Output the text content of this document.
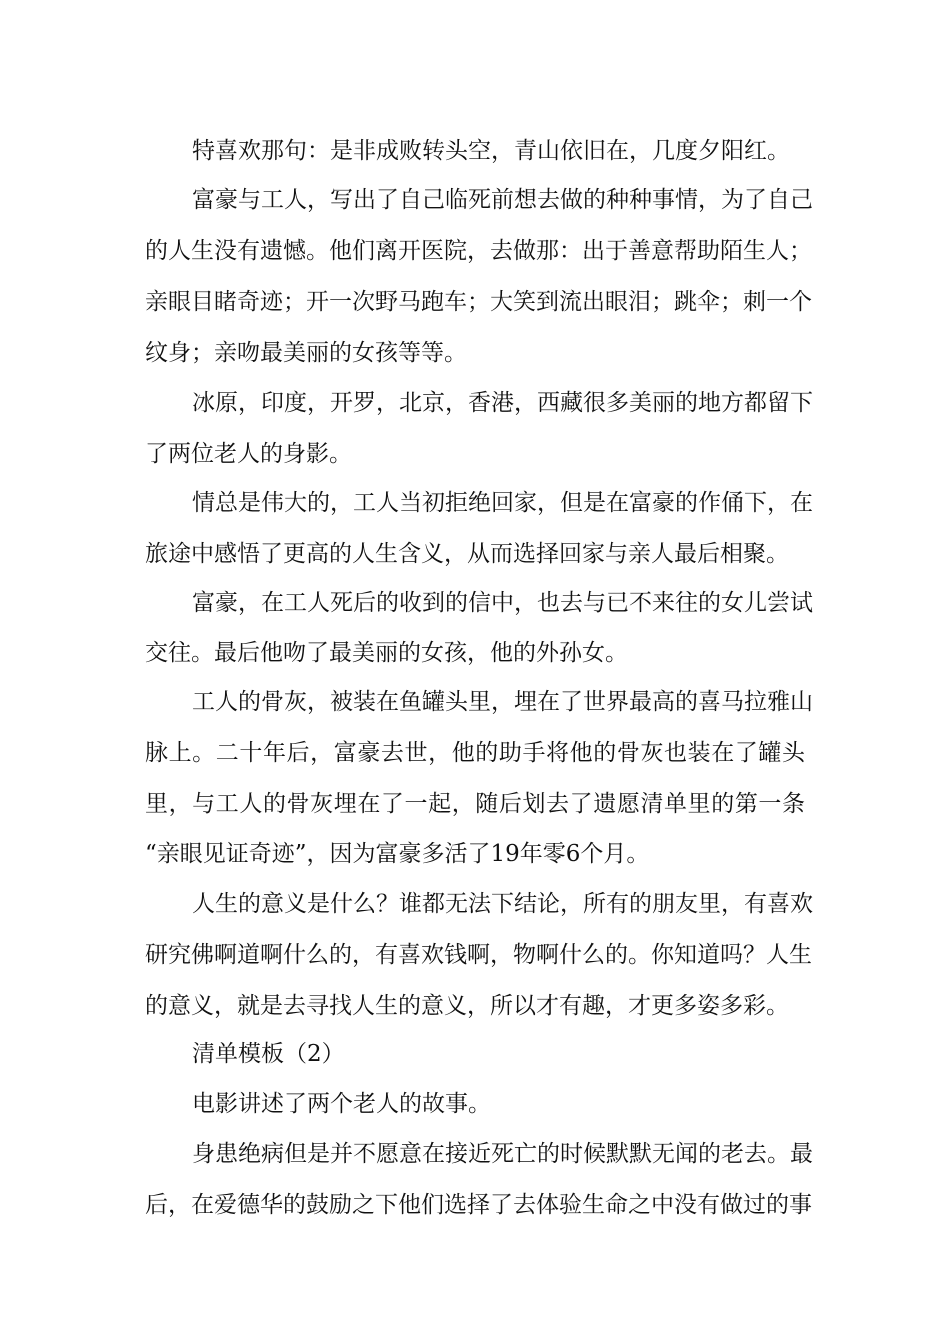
特喜欢那句：是非成败转头空，青山依旧在，几度夕阳红。
富豪与工人，写出了自己临死前想去做的种种事情，为了自己
的人生没有遗憾。他们离开医院，去做那：出于善意帮助陌生人；
亲眼目睹奇迹；开一次野马跑车；大笑到流出眼泪；跳伞；刺一个
纹身；亲吻最美丽的女孩等等。
冰原，印度，开罗，北京，香港，西藏很多美丽的地方都留下
了两位老人的身影。
情总是伟大的，工人当初拒绝回家，但是在富豪的作俑下，在
旅途中感悟了更高的人生含义，从而选择回家与亲人最后相聚。
富豪，在工人死后的收到的信中，也去与已不来往的女儿尝试
交往。最后他吻了最美丽的女孩，他的外孙女。
工人的骨灰，被装在鱼罐头里，埋在了世界最高的喜马拉雅山
脉上。二十年后，富豪去世，他的助手将他的骨灰也装在了罐头
里，与工人的骨灰埋在了一起，随后划去了遗愿清单里的第一条
“亲眼见证奇迹”，因为富豪多活了19年零6个月。
人生的意义是什么？谁都无法下结论，所有的朋友里，有喜欢
研究佛啊道啊什么的，有喜欢钱啊，物啊什么的。你知道吗？人生
的意义，就是去寻找人生的意义，所以才有趣，才更多姿多彩。
清单模板（2）
电影讲述了两个老人的故事。
身患绝病但是并不愿意在接近死亡的时候默默无闻的老去。最
后，在爱德华的鼓励之下他们选择了去体验生命之中没有做过的事
